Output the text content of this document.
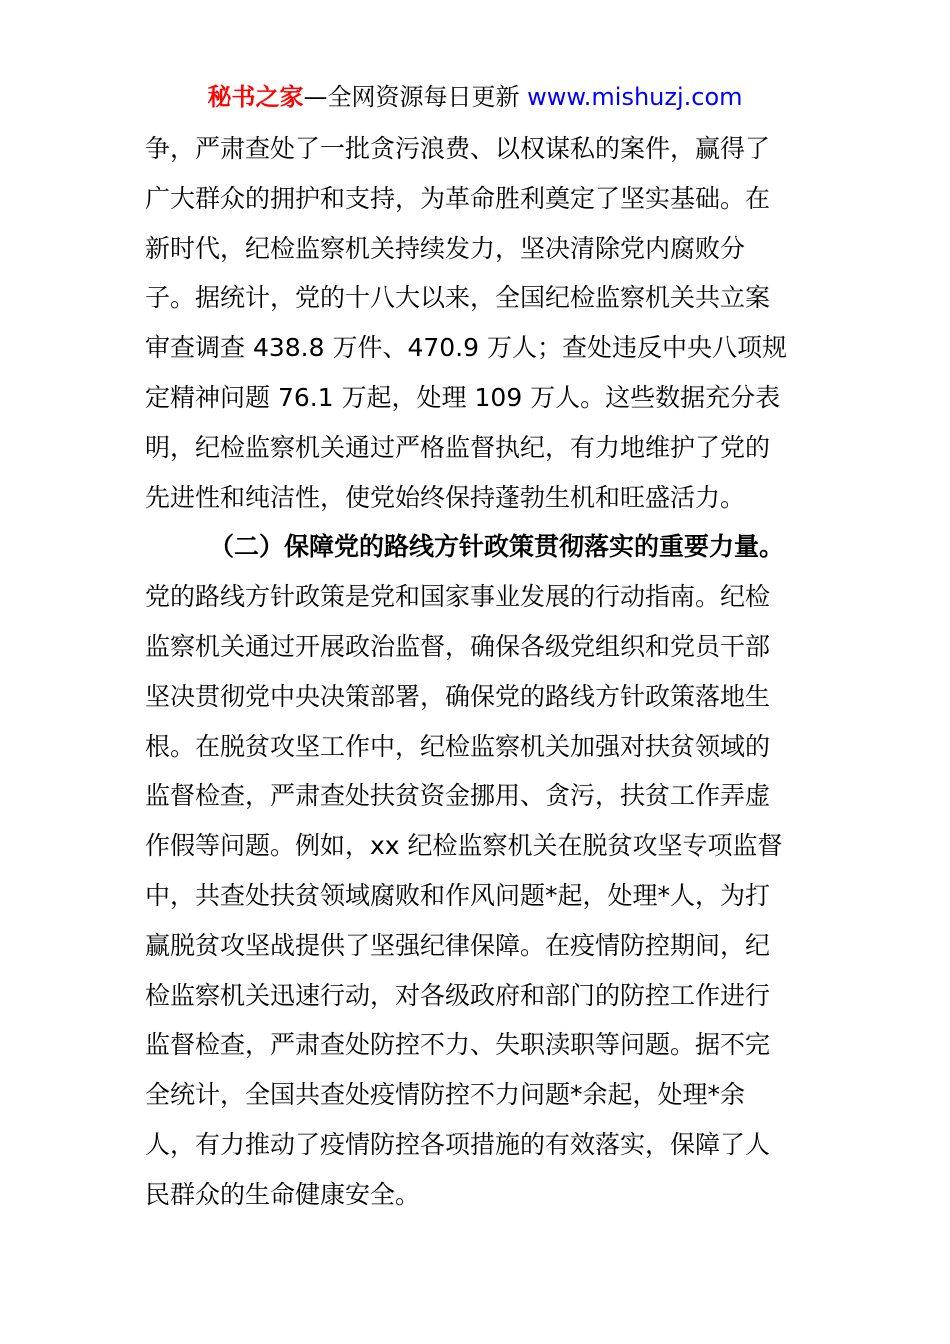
秘书之家—全网资源每日更新 www.mishuzj.com
争，严肃查处了一批贪污浪费、以权谋私的案件，赢得了
广大群众的拥护和支持，为革命胜利奠定了坚实基础。在
新时代，纪检监察机关持续发力，坚决清除党内腐败分
子。据统计，党的十八大以来，全国纪检监察机关共立案
审查调查 438.8 万件、470.9 万人；查处违反中央八项规
定精神问题 76.1 万起，处理 109 万人。这些数据充分表
明，纪检监察机关通过严格监督执纪，有力地维护了党的
先进性和纯洁性，使党始终保持蓬勃生机和旺盛活力。
（二）保障党的路线方针政策贯彻落实的重要力量。
党的路线方针政策是党和国家事业发展的行动指南。纪检
监察机关通过开展政治监督，确保各级党组织和党员干部
坚决贯彻党中央决策部署，确保党的路线方针政策落地生
根。在脱贫攻坚工作中，纪检监察机关加强对扶贫领域的
监督检查，严肃查处扶贫资金挪用、贪污，扶贫工作弄虚
作假等问题。例如，xx 纪检监察机关在脱贫攻坚专项监督
中，共查处扶贫领域腐败和作风问题*起，处理*人，为打
赢脱贫攻坚战提供了坚强纪律保障。在疫情防控期间，纪
检监察机关迅速行动，对各级政府和部门的防控工作进行
监督检查，严肃查处防控不力、失职渎职等问题。据不完
全统计，全国共查处疫情防控不力问题*余起，处理*余
人，有力推动了疫情防控各项措施的有效落实，保障了人
民群众的生命健康安全。
